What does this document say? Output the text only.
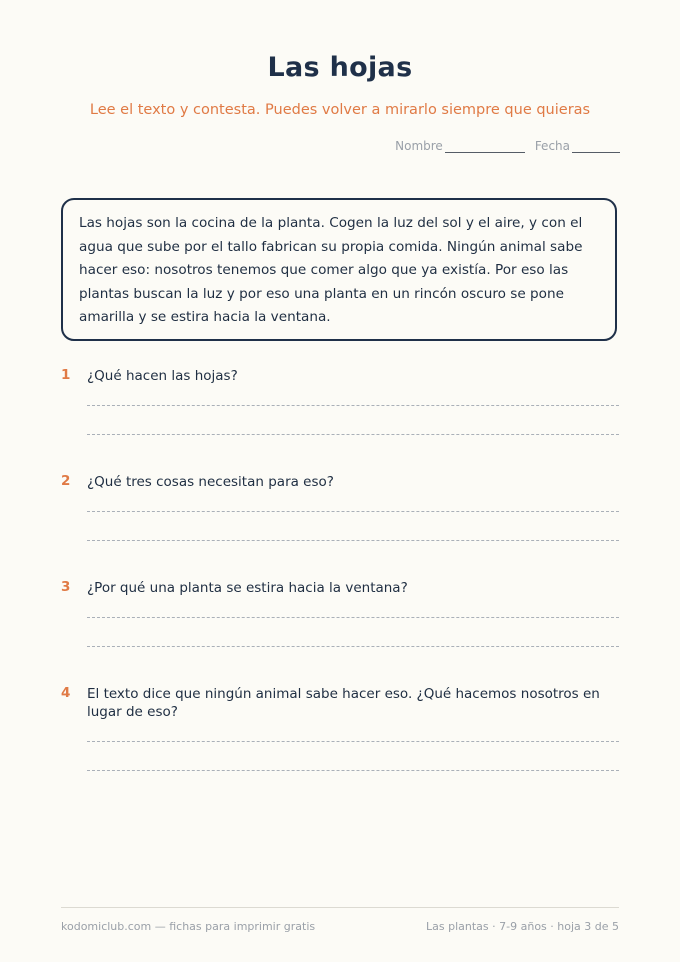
Las hojas
Lee el texto y contesta. Puedes volver a mirarlo siempre que quieras
Nombre	Fecha
Las hojas son la cocina de la planta. Cogen la luz del sol y el aire, y con el agua que sube por el tallo fabrican su propia comida. Ningún animal sabe hacer eso: nosotros tenemos que comer algo que ya existía. Por eso las plantas buscan la luz y por eso una planta en un rincón oscuro se pone amarilla y se estira hacia la ventana.
1 ¿Qué hacen las hojas?
2 ¿Qué tres cosas necesitan para eso?
3 ¿Por qué una planta se estira hacia la ventana?
4 El texto dice que ningún animal sabe hacer eso. ¿Qué hacemos nosotros en lugar de eso?
kodomiclub.com — fichas para imprimir gratis	Las plantas · 7-9 años · hoja 3 de 5
